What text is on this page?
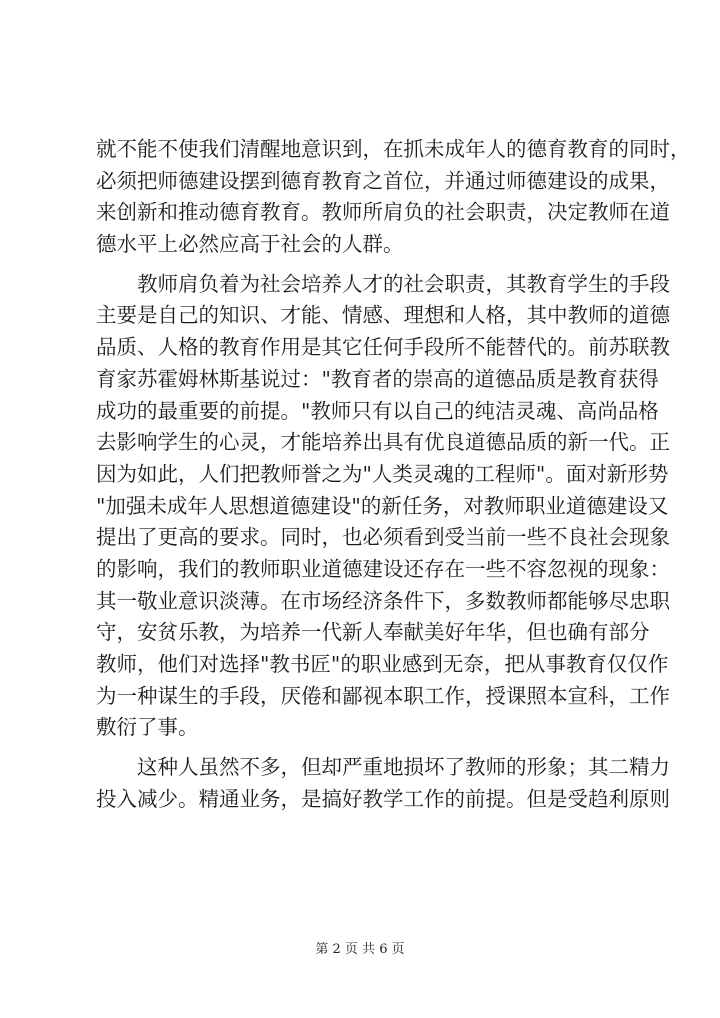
就不能不使我们清醒地意识到，在抓未成年人的德育教育的同时，
必须把师德建设摆到德育教育之首位，并通过师德建设的成果，
来创新和推动德育教育。教师所肩负的社会职责，决定教师在道
德水平上必然应高于社会的人群。
教师肩负着为社会培养人才的社会职责，其教育学生的手段
主要是自己的知识、才能、情感、理想和人格，其中教师的道德
品质、人格的教育作用是其它任何手段所不能替代的。前苏联教
育家苏霍姆林斯基说过："教育者的崇高的道德品质是教育获得
成功的最重要的前提。"教师只有以自己的纯洁灵魂、高尚品格
去影响学生的心灵，才能培养出具有优良道德品质的新一代。正
因为如此，人们把教师誉之为"人类灵魂的工程师"。面对新形势
"加强未成年人思想道德建设"的新任务，对教师职业道德建设又
提出了更高的要求。同时，也必须看到受当前一些不良社会现象
的影响，我们的教师职业道德建设还存在一些不容忽视的现象：
其一敬业意识淡薄。在市场经济条件下，多数教师都能够尽忠职
守，安贫乐教，为培养一代新人奉献美好年华，但也确有部分
教师，他们对选择"教书匠"的职业感到无奈，把从事教育仅仅作
为一种谋生的手段，厌倦和鄙视本职工作，授课照本宣科，工作
敷衍了事。
这种人虽然不多，但却严重地损坏了教师的形象；其二精力
投入减少。精通业务，是搞好教学工作的前提。但是受趋利原则
第 2 页 共 6 页
